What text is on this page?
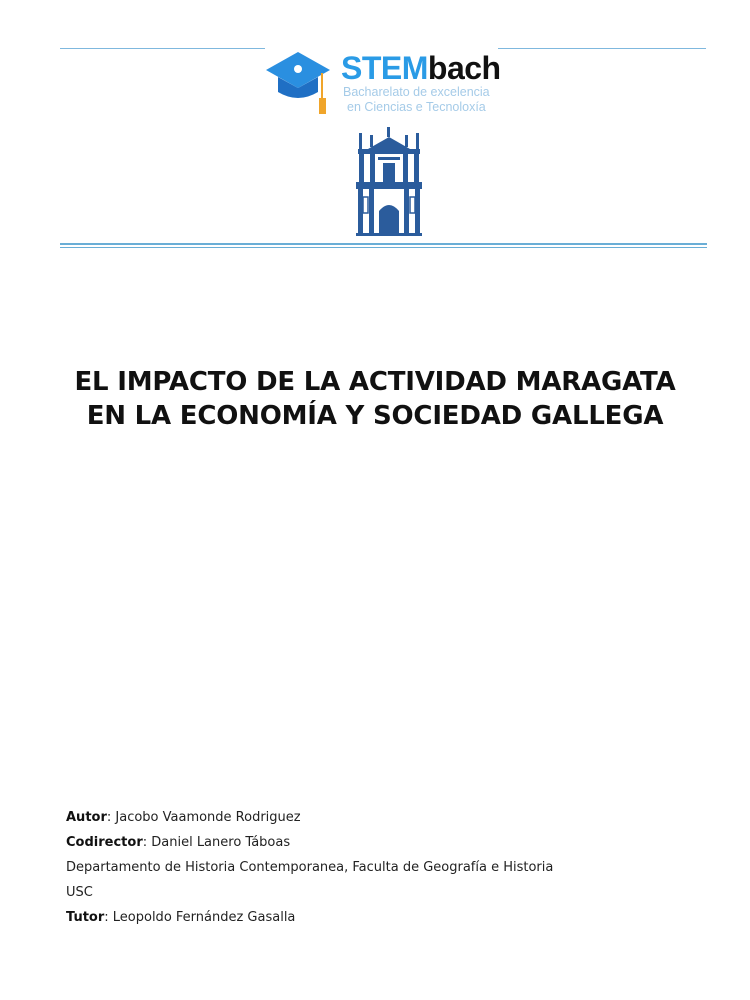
STEMbach
Bacharelato de excelencia
en Ciencias e Tecnoloxía
EL IMPACTO DE LA ACTIVIDAD MARAGATA
EN LA ECONOMÍA Y SOCIEDAD GALLEGA
Autor: Jacobo Vaamonde Rodriguez
Codirector: Daniel Lanero Táboas
Departamento de Historia Contemporanea, Faculta de Geografía e Historia
USC
Tutor: Leopoldo Fernández Gasalla
